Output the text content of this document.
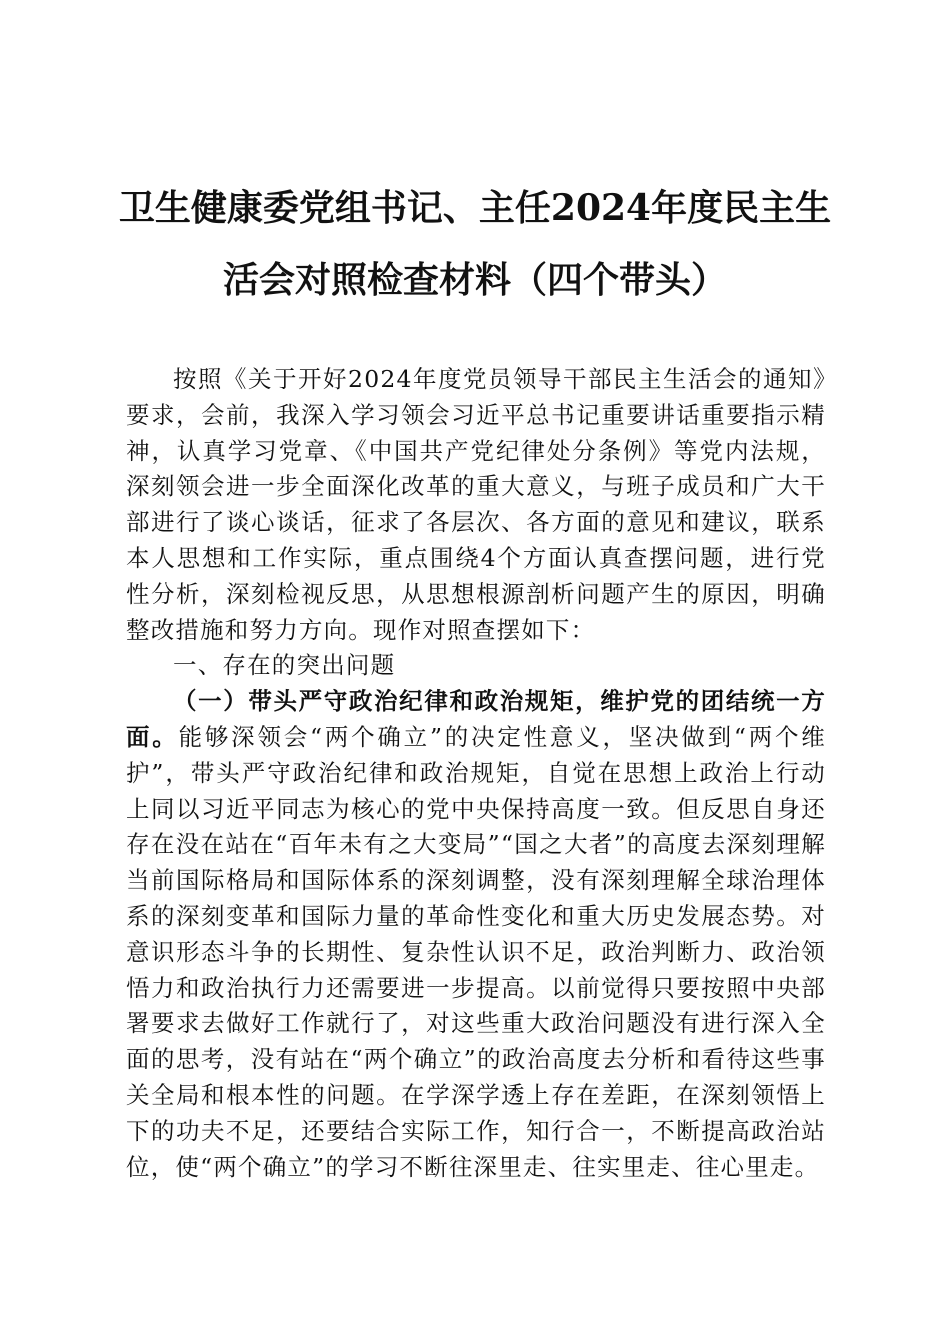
卫生健康委党组书记、主任2024年度民主生
活会对照检查材料（四个带头）

按照《关于开好2024年度党员领导干部民主生活会的通知》要求，会前，我深入学习领会习近平总书记重要讲话重要指示精神，认真学习党章、《中国共产党纪律处分条例》等党内法规，深刻领会进一步全面深化改革的重大意义，与班子成员和广大干部进行了谈心谈话，征求了各层次、各方面的意见和建议，联系本人思想和工作实际，重点围绕4个方面认真查摆问题，进行党性分析，深刻检视反思，从思想根源剖析问题产生的原因，明确整改措施和努力方向。现作对照查摆如下：

一、存在的突出问题

（一）带头严守政治纪律和政治规矩，维护党的团结统一方面。能够深领会“两个确立”的决定性意义，坚决做到“两个维护”，带头严守政治纪律和政治规矩，自觉在思想上政治上行动上同以习近平同志为核心的党中央保持高度一致。但反思自身还存在没在站在“百年未有之大变局”“国之大者”的高度去深刻理解当前国际格局和国际体系的深刻调整，没有深刻理解全球治理体系的深刻变革和国际力量的革命性变化和重大历史发展态势。对意识形态斗争的长期性、复杂性认识不足，政治判断力、政治领悟力和政治执行力还需要进一步提高。以前觉得只要按照中央部署要求去做好工作就行了，对这些重大政治问题没有进行深入全面的思考，没有站在“两个确立”的政治高度去分析和看待这些事关全局和根本性的问题。在学深学透上存在差距，在深刻领悟上下的功夫不足，还要结合实际工作，知行合一，不断提高政治站位，使“两个确立”的学习不断往深里走、往实里走、往心里走。
